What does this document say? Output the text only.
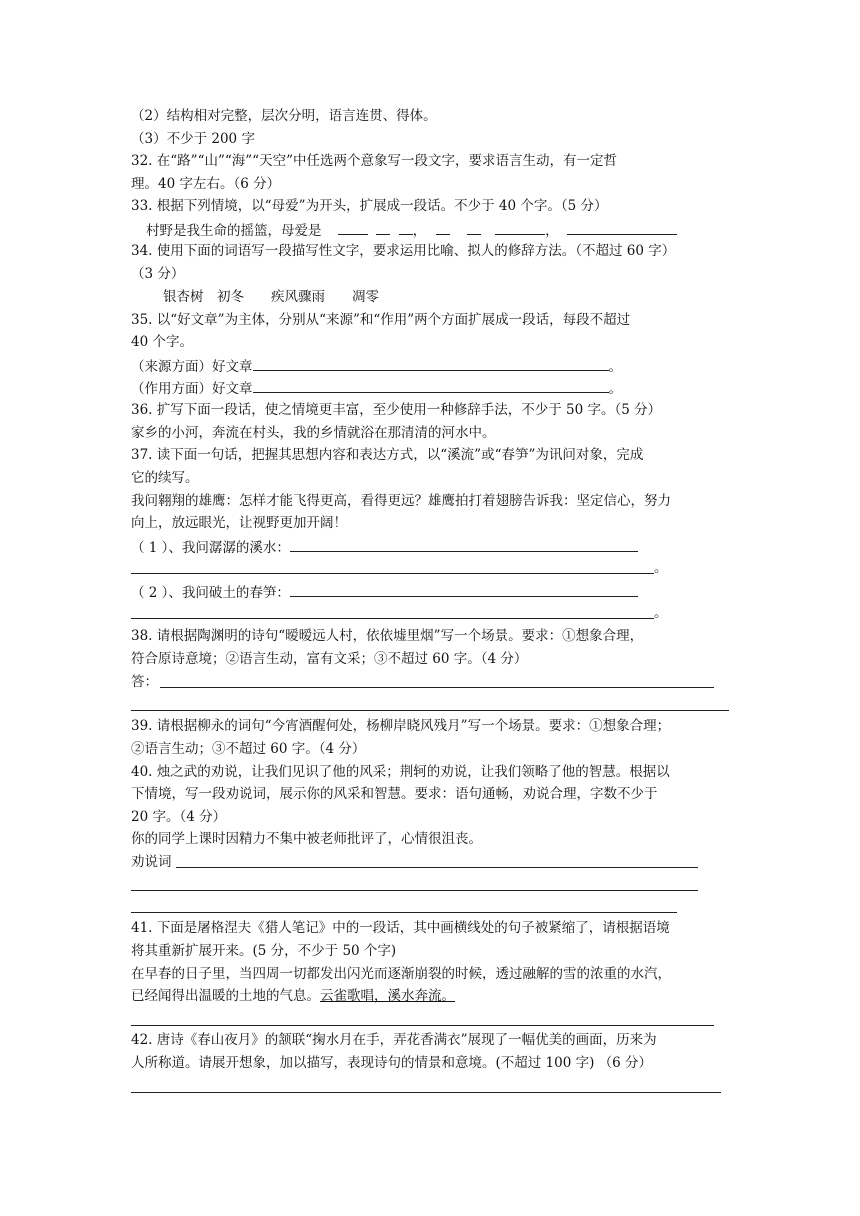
（2）结构相对完整，层次分明，语言连贯、得体。
（3）不少于 200 字
32. 在“路”“山”“海”“天空”中任选两个意象写一段文字，要求语言生动，有一定哲
理。40 字左右。（6 分）
33. 根据下列情境，以“母爱”为开头，扩展成一段话。不少于 40 个字。（5 分）
村野是我生命的摇篮，母爱是	，	，
34. 使用下面的词语写一段描写性文字，要求运用比喻、拟人的修辞方法。（不超过 60 字）
（3 分）
银杏树　初冬　　疾风骤雨　　凋零
35. 以“好文章”为主体，分别从“来源”和“作用”两个方面扩展成一段话，每段不超过
40 个字。
（来源方面）好文章	。
（作用方面）好文章	。
36. 扩写下面一段话，使之情境更丰富，至少使用一种修辞手法，不少于 50 字。（5 分）
家乡的小河，奔流在村头，我的乡情就浴在那清清的河水中。
37. 读下面一句话，把握其思想内容和表达方式，以“溪流”或“春笋”为讯问对象，完成
它的续写。
我问翱翔的雄鹰：怎样才能飞得更高，看得更远？雄鹰拍打着翅膀告诉我：坚定信心，努力
向上，放远眼光，让视野更加开阔！
（ 1 ）、我问潺潺的溪水：
。
（ 2 ）、我问破土的春笋：
。
38. 请根据陶渊明的诗句“暧暧远人村，依依墟里烟”写一个场景。要求：①想象合理，
符合原诗意境；②语言生动，富有文采；③不超过 60 字。（4 分）
答：
39. 请根据柳永的词句“今宵酒醒何处，杨柳岸晓风残月”写一个场景。要求：①想象合理；
②语言生动；③不超过 60 字。（4 分）
40. 烛之武的劝说，让我们见识了他的风采；荆轲的劝说，让我们领略了他的智慧。根据以
下情境，写一段劝说词，展示你的风采和智慧。要求：语句通畅，劝说合理，字数不少于
20 字。（4 分）
你的同学上课时因精力不集中被老师批评了，心情很沮丧。
劝说词
41. 下面是屠格涅夫《猎人笔记》中的一段话，其中画横线处的句子被紧缩了，请根据语境
将其重新扩展开来。(5 分，不少于 50 个字)
在早春的日子里，当四周一切都发出闪光而逐渐崩裂的时候，透过融解的雪的浓重的水汽，
已经闻得出温暖的土地的气息。云雀歌唱，溪水奔流。
42. 唐诗《春山夜月》的颔联“掬水月在手，弄花香满衣”展现了一幅优美的画面，历来为
人所称道。请展开想象，加以描写，表现诗句的情景和意境。(不超过 100 字) （6 分）
